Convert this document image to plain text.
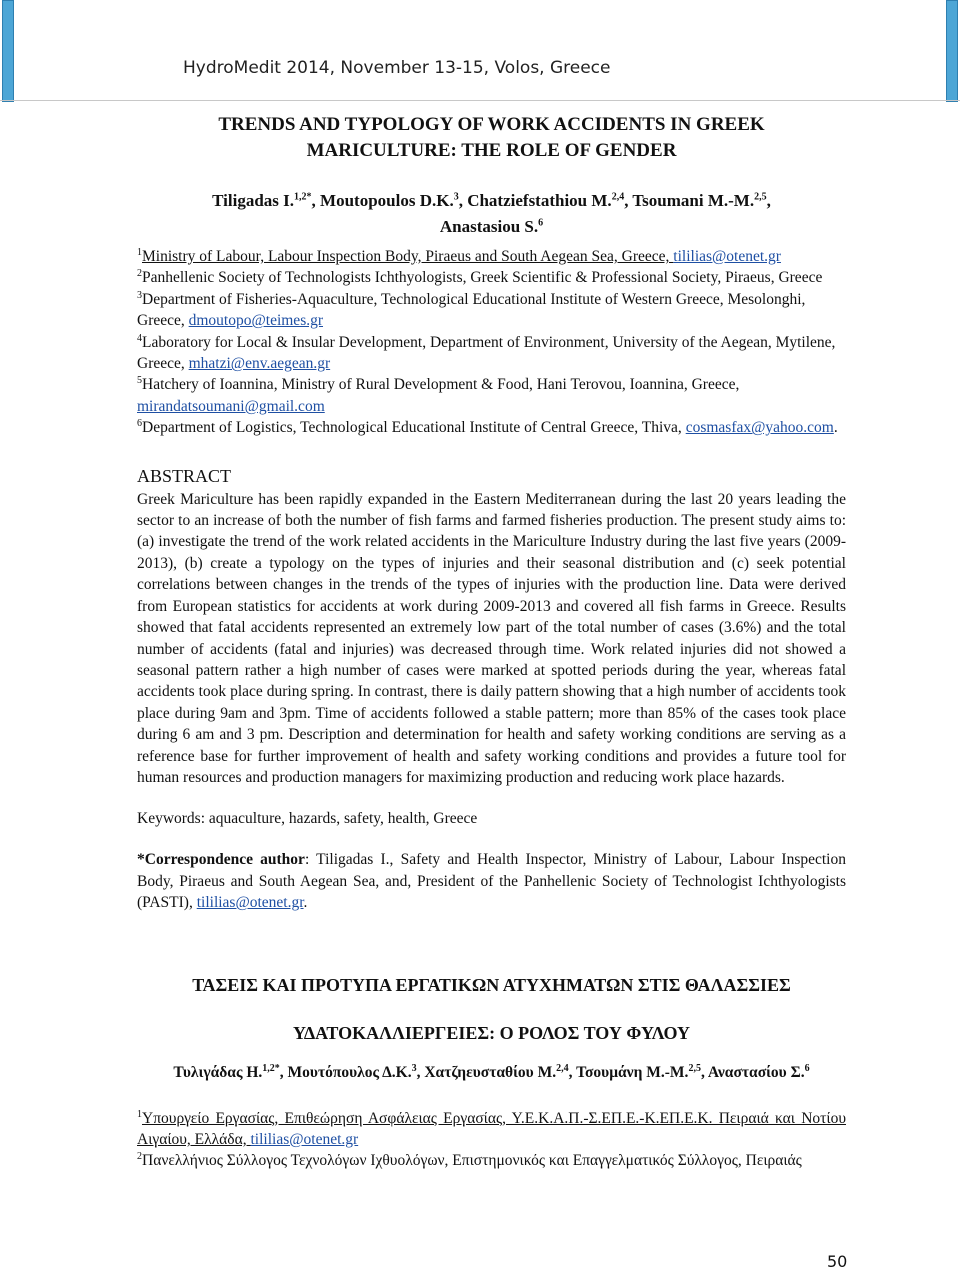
HydroMedit 2014, November 13-15, Volos, Greece

TRENDS AND TYPOLOGY OF WORK ACCIDENTS IN GREEK
MARICULTURE: THE ROLE OF GENDER

Tiligadas I.$^{1,2*}$, Moutopoulos D.K.$^3$, Chatziefstathiou M.$^{2,4}$, Tsoumani M.-M.$^{2,5}$,
Anastasiou S.$^6$

$^1$Ministry of Labour, Labour Inspection Body, Piraeus and South Aegean Sea, Greece, tililias@otenet.gr

$^2$Panhellenic Society of Technologists Ichthyologists, Greek Scientific & Professional Society, Piraeus, Greece

$^3$Department of Fisheries-Aquaculture, Technological Educational Institute of Western Greece, Mesolonghi, Greece, dmoutopo@teimes.gr

$^4$Laboratory for Local & Insular Development, Department of Environment, University of the Aegean, Mytilene, Greece, mhatzi@env.aegean.gr

$^5$Hatchery of Ioannina, Ministry of Rural Development & Food, Hani Terovou, Ioannina, Greece, mirandatsoumani@gmail.com

$^6$Department of Logistics, Technological Educational Institute of Central Greece, Thiva, cosmasfax@yahoo.com.

ABSTRACT

Greek Mariculture has been rapidly expanded in the Eastern Mediterranean during the last 20 years leading the sector to an increase of both the number of fish farms and farmed fisheries production. The present study aims to: (a) investigate the trend of the work related accidents in the Mariculture Industry during the last five years (2009-2013), (b) create a typology on the types of injuries and their seasonal distribution and (c) seek potential correlations between changes in the trends of the types of injuries with the production line. Data were derived from European statistics for accidents at work during 2009-2013 and covered all fish farms in Greece. Results showed that fatal accidents represented an extremely low part of the total number of cases (3.6%) and the total number of accidents (fatal and injuries) was decreased through time. Work related injuries did not showed a seasonal pattern rather a high number of cases were marked at spotted periods during the year, whereas fatal accidents took place during spring. In contrast, there is daily pattern showing that a high number of accidents took place during 9am and 3pm. Time of accidents followed a stable pattern; more than 85% of the cases took place during 6 am and 3 pm. Description and determination for health and safety working conditions are serving as a reference base for further improvement of health and safety working conditions and provides a future tool for human resources and production managers for maximizing production and reducing work place hazards.

Keywords: aquaculture, hazards, safety, health, Greece
*Correspondence author: Tiligadas I., Safety and Health Inspector, Ministry of Labour, Labour Inspection Body, Piraeus and South Aegean Sea, and, President of the Panhellenic Society of Technologist Ichthyologists (PASTI), tililias@otenet.gr.
ΤΑΣΕΙΣ ΚΑΙ ΠΡΟΤΥΠΑ ΕΡΓΑΤΙΚΩΝ ΑΤΥΧΗΜΑΤΩΝ ΣΤΙΣ ΘΑΛΑΣΣΙΕΣ
ΥΔΑΤΟΚΑΛΛΙΕΡΓΕΙΕΣ: Ο ΡΟΛΟΣ ΤΟΥ ΦΥΛΟΥ
Τυλιγάδας Η.$^{1,2*}$, Μουτόπουλος Δ.Κ.$^3$, Χατζηευσταθίου Μ.$^{2,4}$, Τσουμάνη Μ.-Μ.$^{2,5}$, Αναστασίου Σ.$^6$

$^1$Υπουργείο Εργασίας, Επιθεώρηση Ασφάλειας Εργασίας, Υ.Ε.Κ.Α.Π.-Σ.ΕΠ.Ε.-Κ.ΕΠ.Ε.Κ. Πειραιά και Νοτίου Αιγαίου, Ελλάδα, tililias@otenet.gr

$^2$Πανελλήνιος Σύλλογος Τεχνολόγων Ιχθυολόγων, Επιστημονικός και Επαγγελματικός Σύλλογος, Πειραιάς

50
